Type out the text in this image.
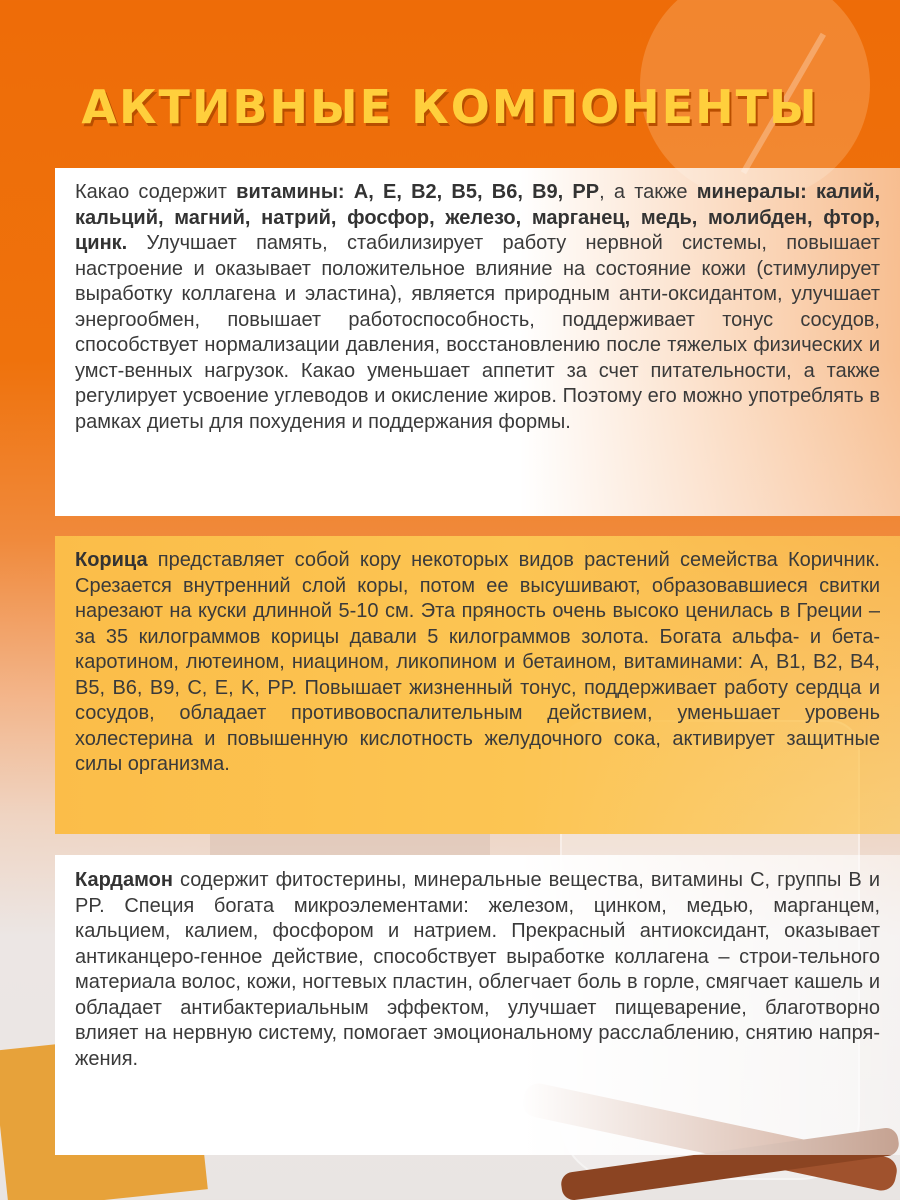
АКТИВНЫЕ КОМПОНЕНТЫ

Какао содержит витамины: A, E, B2, B5, B6, B9, PP, а также минералы: калий, кальций, магний, натрий, фосфор, железо, марганец, медь, молибден, фтор, цинк. Улучшает память, стабилизирует работу нервной системы, повышает настроение и оказывает положительное влияние на состояние кожи (стимулирует выработку коллагена и эластина), является природным анти-оксидантом, улучшает энергообмен, повышает работоспособность, поддерживает тонус сосудов, способствует нормализации давления, восстановлению после тяжелых физических и умст-венных нагрузок. Какао уменьшает аппетит за счет питательности, а также регулирует усвоение углеводов и окисление жиров. Поэтому его можно употреблять в рамках диеты для похудения и поддержания формы.

Корица представляет собой кору некоторых видов растений семейства Коричник. Срезается внутренний слой коры, потом ее высушивают, образовавшиеся свитки нарезают на куски длинной 5-10 см. Эта пряность очень высоко ценилась в Греции – за 35 килограммов корицы давали 5 килограммов золота. Богата альфа- и бета-каротином, лютеином, ниацином, ликопином и бетаином, витаминами: A, B1, B2, B4, B5, B6, B9, C, E, K, PP. Повышает жизненный тонус, поддерживает работу сердца и сосудов, обладает противовоспалительным действием, уменьшает уровень холестерина и повышенную кислотность желудочного сока, активирует защитные силы организма.

Кардамон содержит фитостерины, минеральные вещества, витамины С, группы В и PP. Специя богата микроэлементами: железом, цинком, медью, марганцем, кальцием, калием, фосфором и натрием. Прекрасный антиоксидант, оказывает антиканцеро-генное действие, способствует выработке коллагена – строи-тельного материала волос, кожи, ногтевых пластин, облегчает боль в горле, смягчает кашель и обладает антибактериальным эффектом, улучшает пищеварение, благотворно влияет на нервную систему, помогает эмоциональному расслаблению, снятию напря-жения.
